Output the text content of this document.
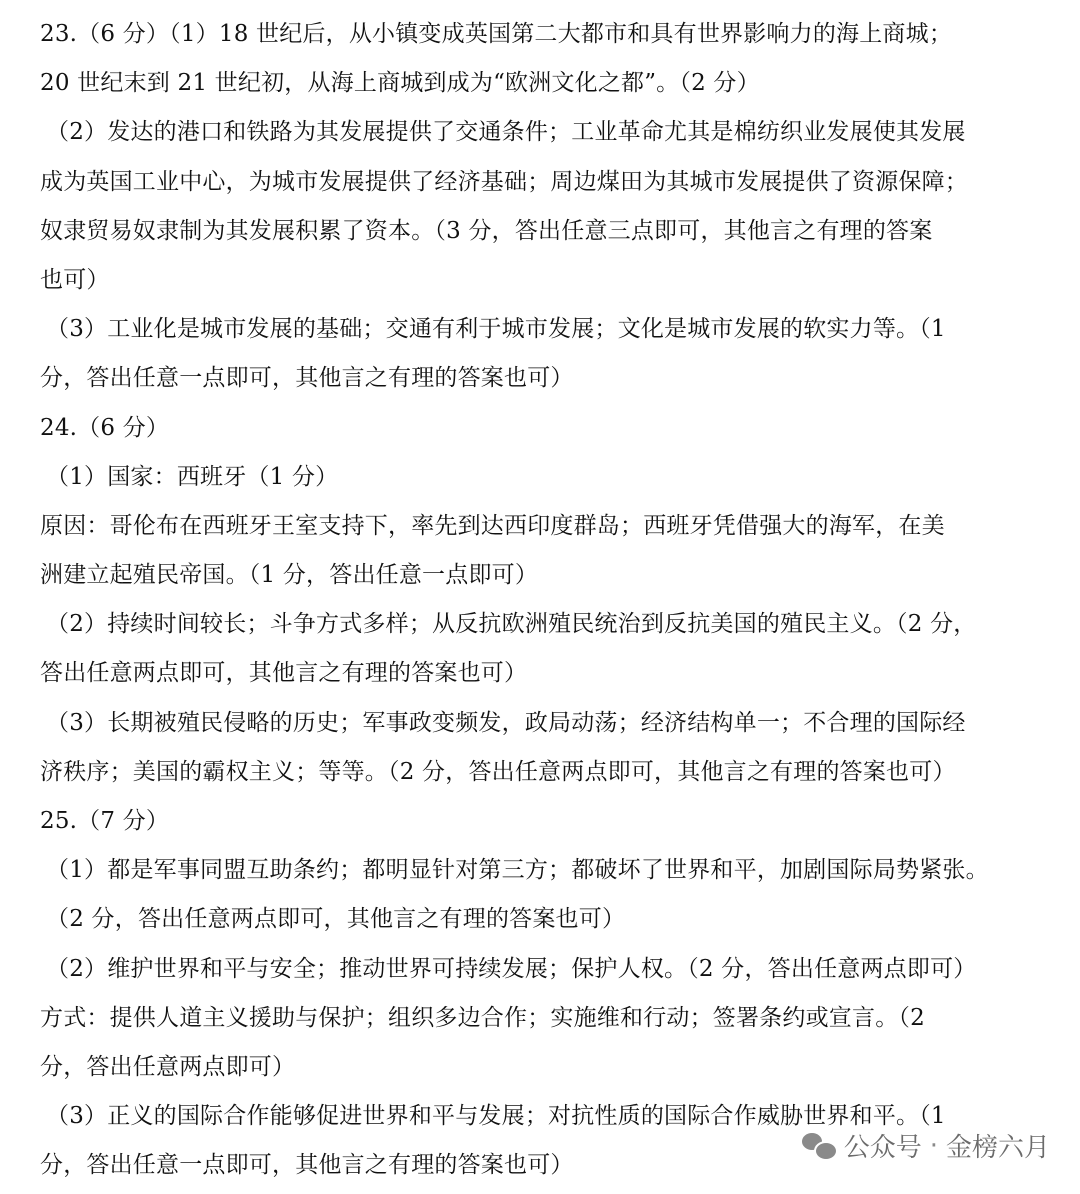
23.（6 分）（1）18 世纪后，从小镇变成英国第二大都市和具有世界影响力的海上商城；
20 世纪末到 21 世纪初，从海上商城到成为“欧洲文化之都”。（2 分）
（2）发达的港口和铁路为其发展提供了交通条件；工业革命尤其是棉纺织业发展使其发展
成为英国工业中心，为城市发展提供了经济基础；周边煤田为其城市发展提供了资源保障；
奴隶贸易奴隶制为其发展积累了资本。（3 分，答出任意三点即可，其他言之有理的答案
也可）
（3）工业化是城市发展的基础；交通有利于城市发展；文化是城市发展的软实力等。（1
分，答出任意一点即可，其他言之有理的答案也可）
24.（6 分）
（1）国家：西班牙（1 分）
原因：哥伦布在西班牙王室支持下，率先到达西印度群岛；西班牙凭借强大的海军，在美
洲建立起殖民帝国。（1 分，答出任意一点即可）
（2）持续时间较长；斗争方式多样；从反抗欧洲殖民统治到反抗美国的殖民主义。（2 分，
答出任意两点即可，其他言之有理的答案也可）
（3）长期被殖民侵略的历史；军事政变频发，政局动荡；经济结构单一；不合理的国际经
济秩序；美国的霸权主义；等等。（2 分，答出任意两点即可，其他言之有理的答案也可）
25.（7 分）
（1）都是军事同盟互助条约；都明显针对第三方；都破坏了世界和平，加剧国际局势紧张。
（2 分，答出任意两点即可，其他言之有理的答案也可）
（2）维护世界和平与安全；推动世界可持续发展；保护人权。（2 分，答出任意两点即可）
方式：提供人道主义援助与保护；组织多边合作；实施维和行动；签署条约或宣言。（2
分，答出任意两点即可）
（3）正义的国际合作能够促进世界和平与发展；对抗性质的国际合作威胁世界和平。（1
分，答出任意一点即可，其他言之有理的答案也可）
公众号 · 金榜六月
